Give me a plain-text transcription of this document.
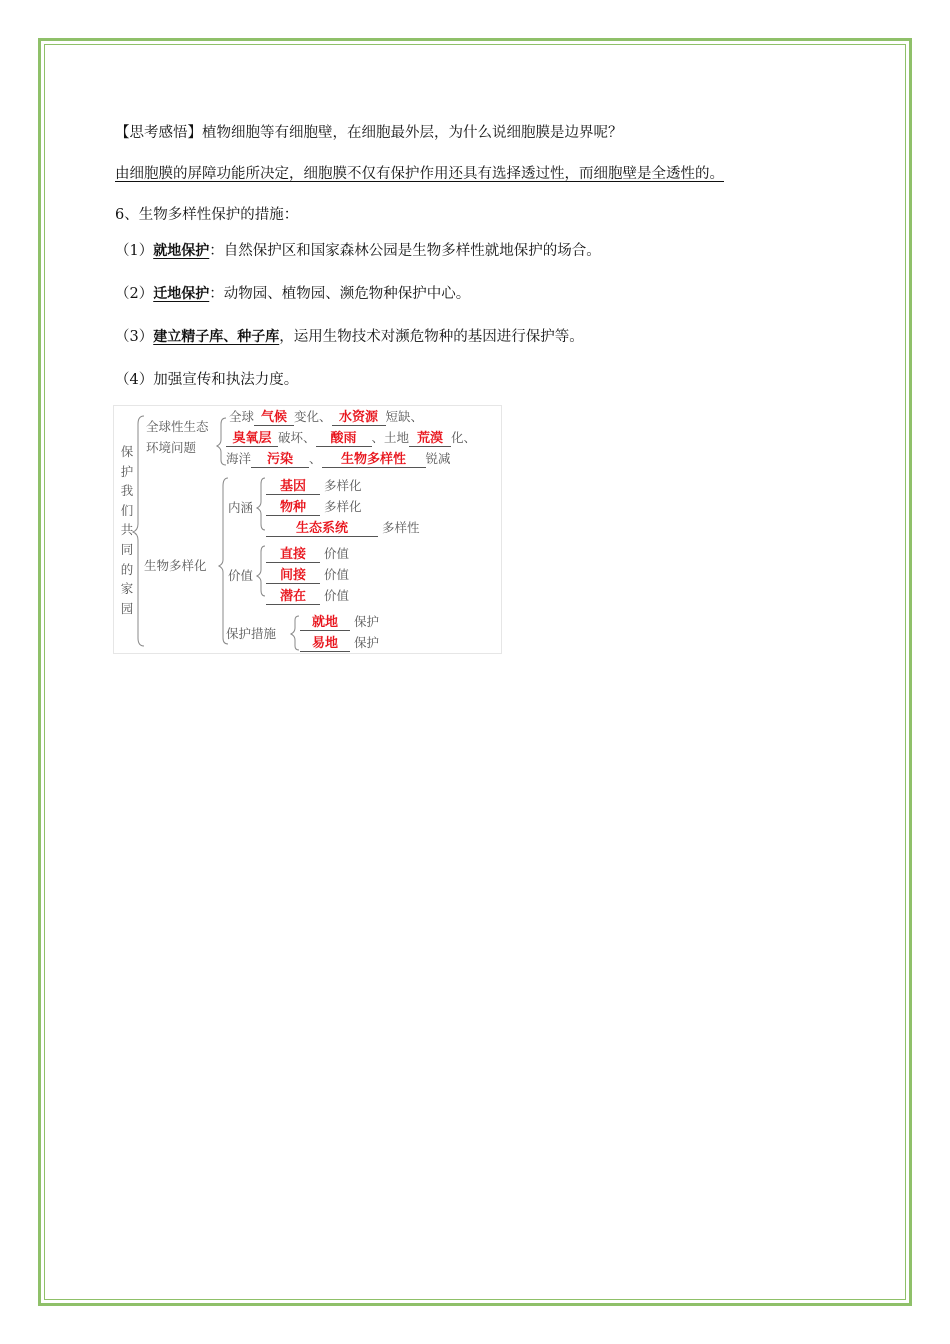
【思考感悟】植物细胞等有细胞壁，在细胞最外层，为什么说细胞膜是边界呢？
由细胞膜的屏障功能所决定，细胞膜不仅有保护作用还具有选择透过性，而细胞壁是全透性的。
6、生物多样性保护的措施：
（1）就地保护：自然保护区和国家森林公园是生物多样性就地保护的场合。
（2）迁地保护：动物园、植物园、濒危物种保护中心。
（3）建立精子库、种子库，运用生物技术对濒危物种的基因进行保护等。
（4）加强宣传和执法力度。
保
护
我
们
共
同
的
家
园
全球性生态
环境问题
全球 气候 变化、 水资源 短缺、
臭氧层 破坏、 酸雨 、土地 荒漠 化、
海洋 污染 、 生物多样性 锐减
生物多样化
内涵
基因 多样化
物种 多样化
生态系统	多样性
价值
直接 价值
间接 价值
潜在 价值
保护措施
就地 保护
易地 保护
